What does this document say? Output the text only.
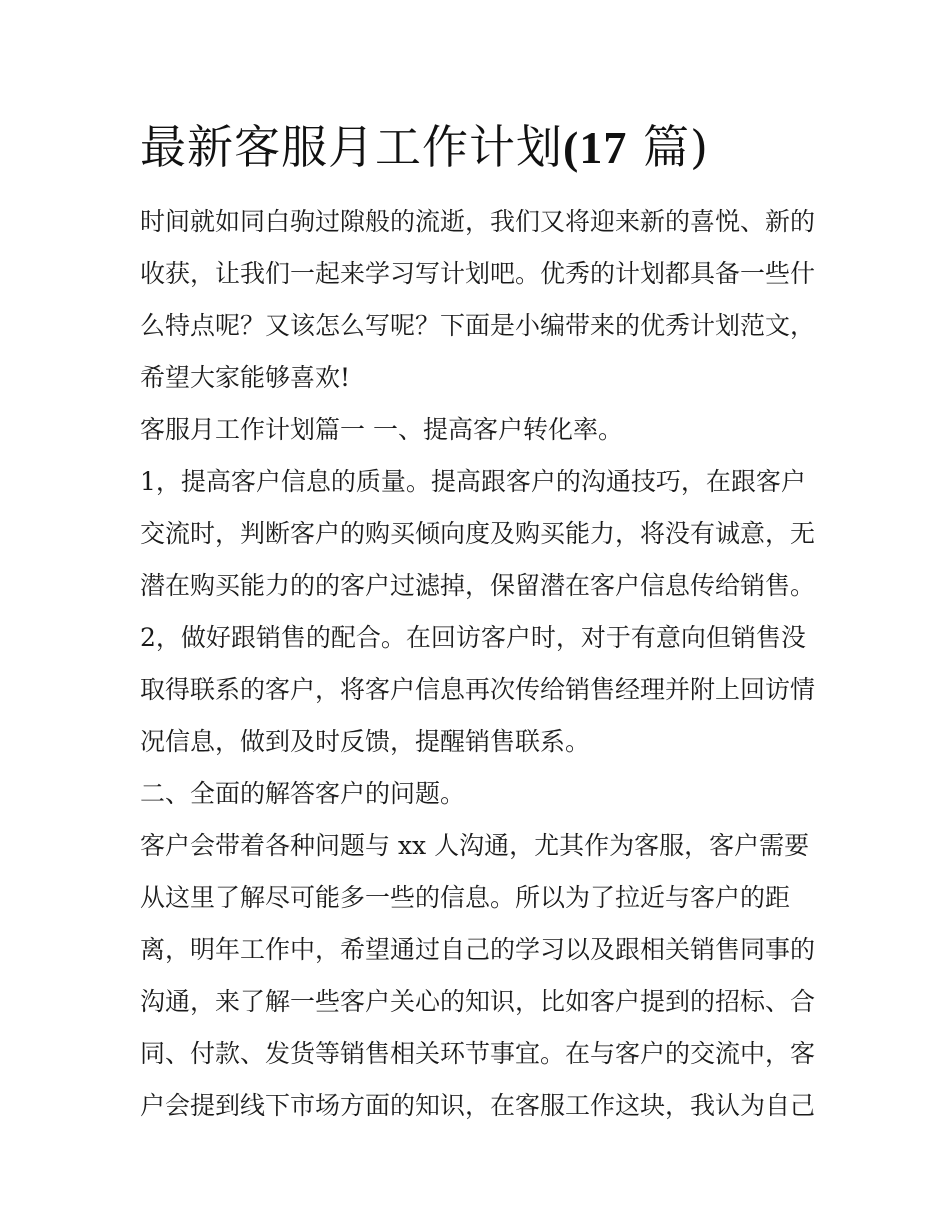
最新客服月工作计划(17 篇)
时间就如同白驹过隙般的流逝，我们又将迎来新的喜悦、新的
收获，让我们一起来学习写计划吧。优秀的计划都具备一些什
么特点呢？又该怎么写呢？下面是小编带来的优秀计划范文，
希望大家能够喜欢!
客服月工作计划篇一 一、提高客户转化率。
1，提高客户信息的质量。提高跟客户的沟通技巧，在跟客户
交流时，判断客户的购买倾向度及购买能力，将没有诚意，无
潜在购买能力的的客户过滤掉，保留潜在客户信息传给销售。
2，做好跟销售的配合。在回访客户时，对于有意向但销售没
取得联系的客户，将客户信息再次传给销售经理并附上回访情
况信息，做到及时反馈，提醒销售联系。
二、全面的解答客户的问题。
客户会带着各种问题与 xx 人沟通，尤其作为客服，客户需要
从这里了解尽可能多一些的信息。所以为了拉近与客户的距
离，明年工作中，希望通过自己的学习以及跟相关销售同事的
沟通，来了解一些客户关心的知识，比如客户提到的招标、合
同、付款、发货等销售相关环节事宜。在与客户的交流中，客
户会提到线下市场方面的知识，在客服工作这块，我认为自己
